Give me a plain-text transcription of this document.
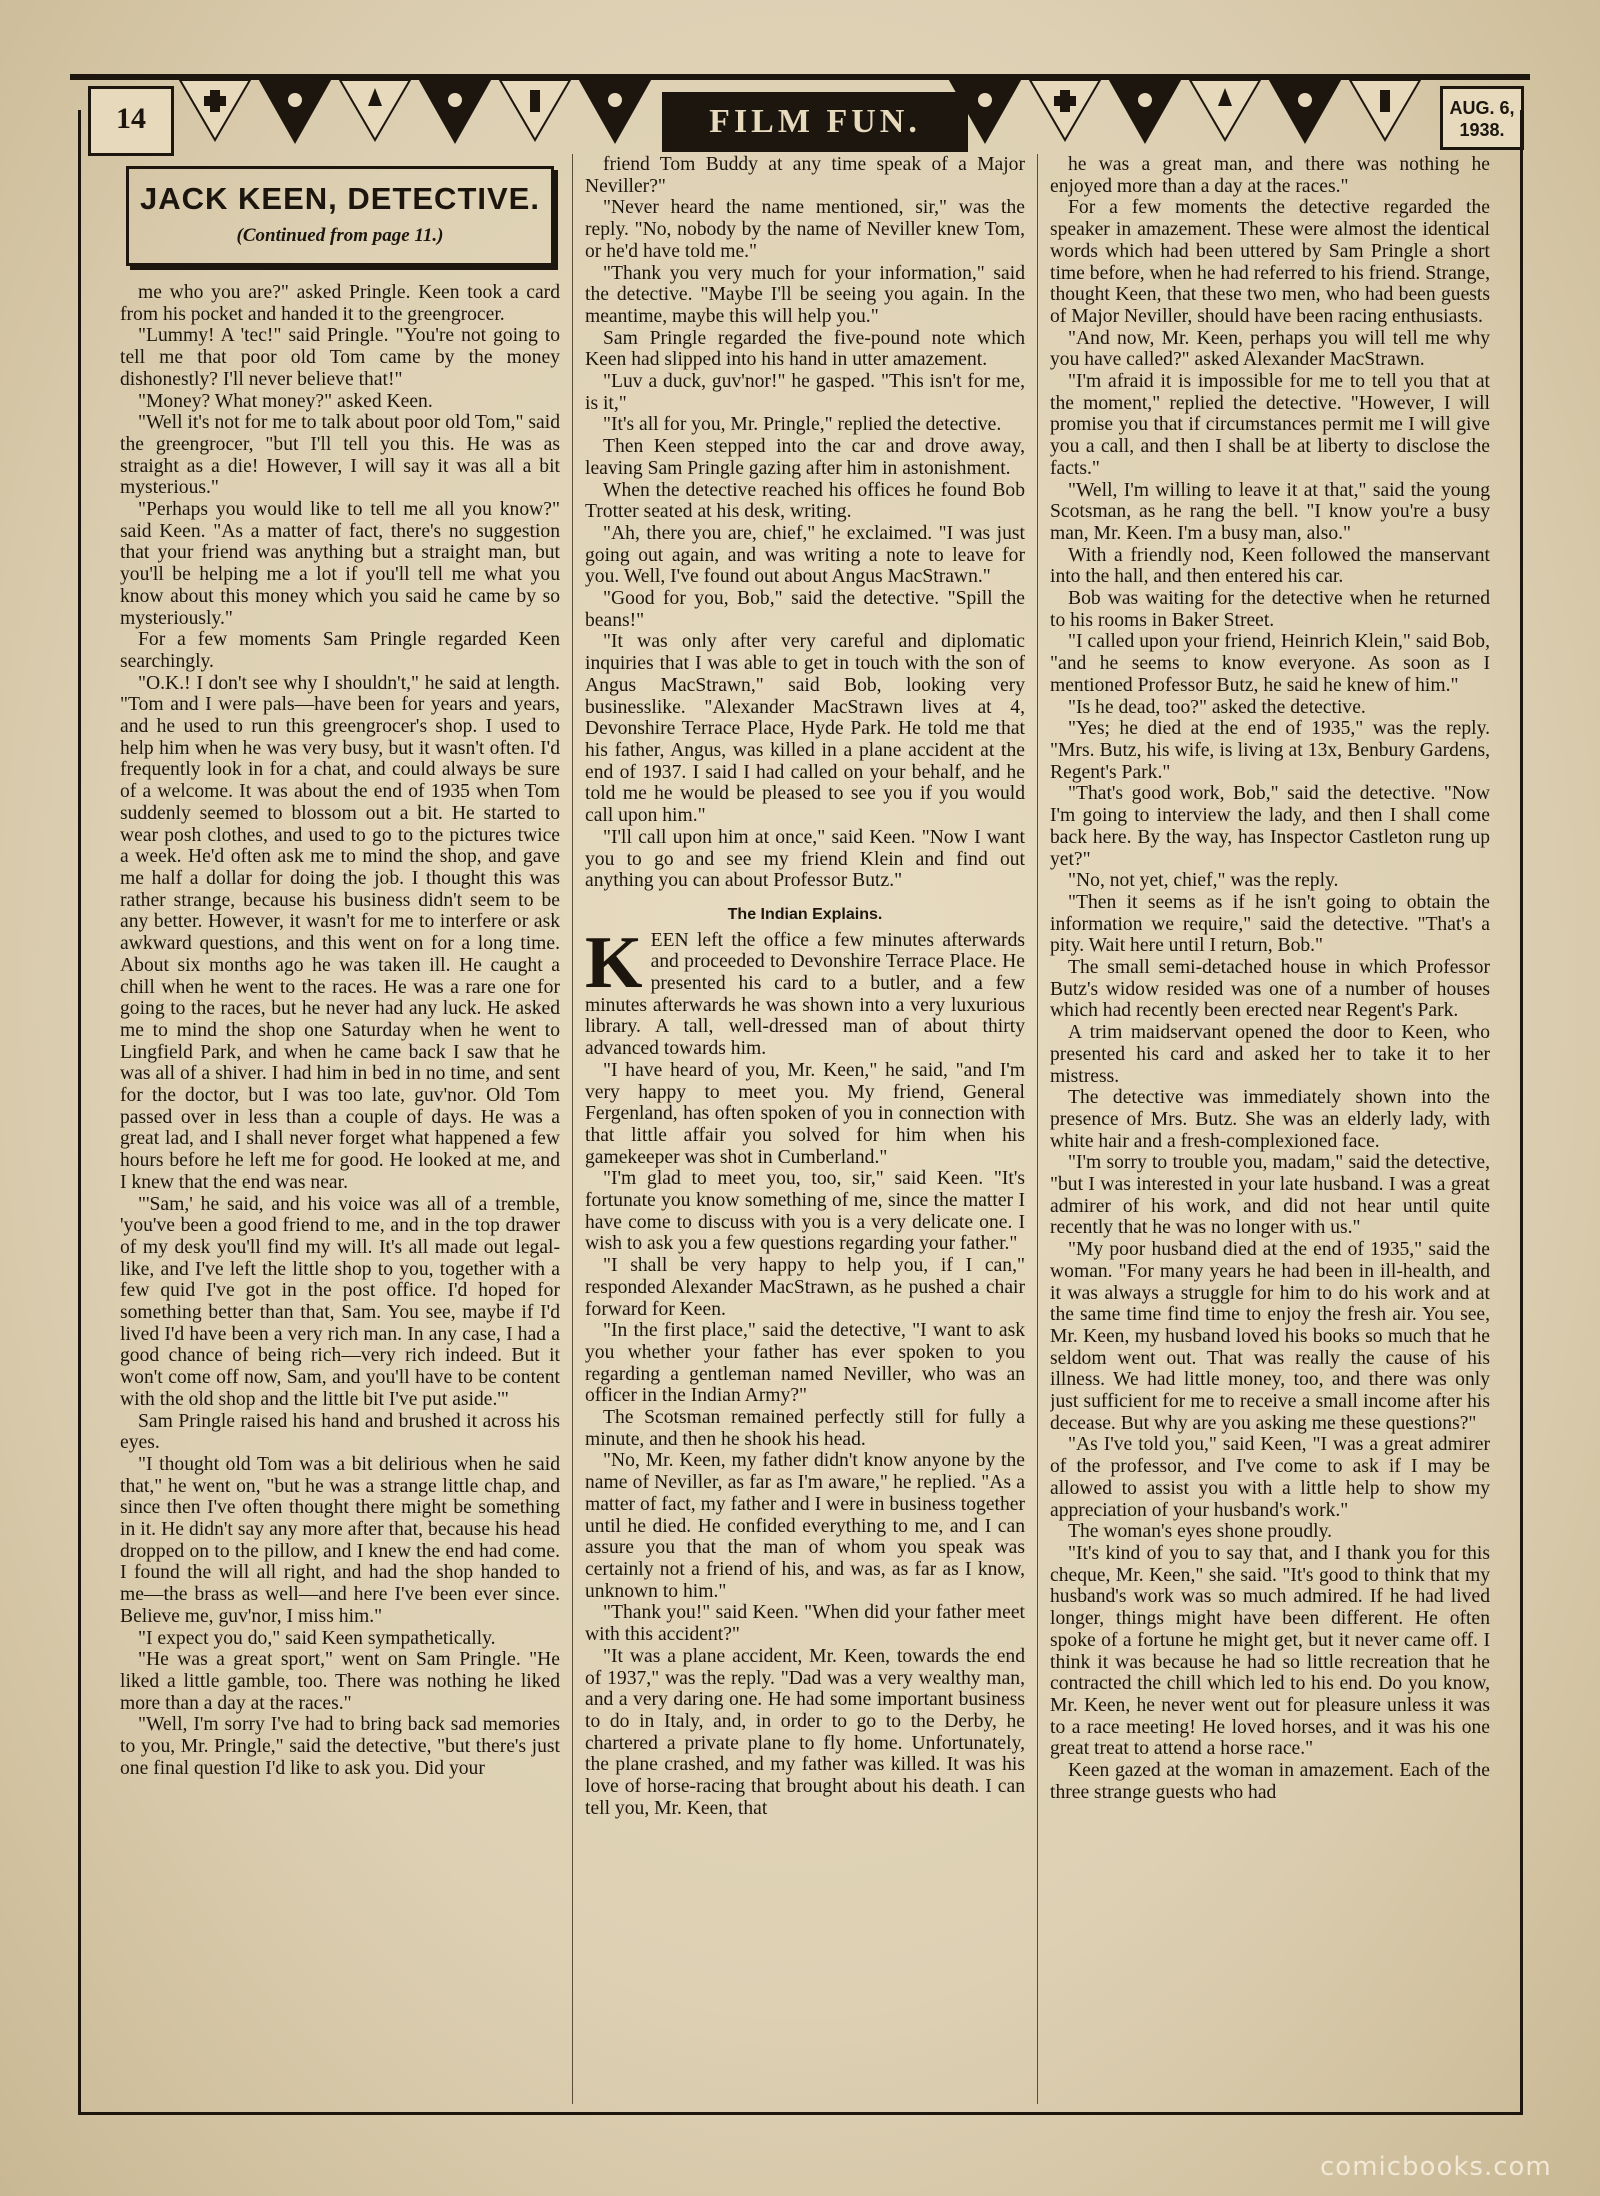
14	FILM FUN.	AUG. 6,
1938.
JACK KEEN, DETECTIVE.
(Continued from page 11.)

me who you are?" asked Pringle. Keen took a card from his pocket and handed it to the greengrocer.

"Lummy! A 'tec!" said Pringle. "You're not going to tell me that poor old Tom came by the money dishonestly? I'll never believe that!"

"Money? What money?" asked Keen.

"Well it's not for me to talk about poor old Tom," said the greengrocer, "but I'll tell you this. He was as straight as a die! However, I will say it was all a bit mysterious."

"Perhaps you would like to tell me all you know?" said Keen. "As a matter of fact, there's no suggestion that your friend was anything but a straight man, but you'll be helping me a lot if you'll tell me what you know about this money which you said he came by so mysteriously."

For a few moments Sam Pringle regarded Keen searchingly.

"O.K.! I don't see why I shouldn't," he said at length. "Tom and I were pals—have been for years and years, and he used to run this greengrocer's shop. I used to help him when he was very busy, but it wasn't often. I'd frequently look in for a chat, and could always be sure of a welcome. It was about the end of 1935 when Tom suddenly seemed to blossom out a bit. He started to wear posh clothes, and used to go to the pictures twice a week. He'd often ask me to mind the shop, and gave me half a dollar for doing the job. I thought this was rather strange, because his business didn't seem to be any better. However, it wasn't for me to interfere or ask awkward questions, and this went on for a long time. About six months ago he was taken ill. He caught a chill when he went to the races. He was a rare one for going to the races, but he never had any luck. He asked me to mind the shop one Saturday when he went to Lingfield Park, and when he came back I saw that he was all of a shiver. I had him in bed in no time, and sent for the doctor, but I was too late, guv'nor. Old Tom passed over in less than a couple of days. He was a great lad, and I shall never forget what happened a few hours before he left me for good. He looked at me, and I knew that the end was near.

"'Sam,' he said, and his voice was all of a tremble, 'you've been a good friend to me, and in the top drawer of my desk you'll find my will. It's all made out legal-like, and I've left the little shop to you, together with a few quid I've got in the post office. I'd hoped for something better than that, Sam. You see, maybe if I'd lived I'd have been a very rich man. In any case, I had a good chance of being rich—very rich indeed. But it won't come off now, Sam, and you'll have to be content with the old shop and the little bit I've put aside.'"

Sam Pringle raised his hand and brushed it across his eyes.

"I thought old Tom was a bit delirious when he said that," he went on, "but he was a strange little chap, and since then I've often thought there might be something in it. He didn't say any more after that, because his head dropped on to the pillow, and I knew the end had come. I found the will all right, and had the shop handed to me—the brass as well—and here I've been ever since. Believe me, guv'nor, I miss him."

"I expect you do," said Keen sympathetically.

"He was a great sport," went on Sam Pringle. "He liked a little gamble, too. There was nothing he liked more than a day at the races."

"Well, I'm sorry I've had to bring back sad memories to you, Mr. Pringle," said the detective, "but there's just one final question I'd like to ask you. Did your

friend Tom Buddy at any time speak of a Major Neviller?"

"Never heard the name mentioned, sir," was the reply. "No, nobody by the name of Neviller knew Tom, or he'd have told me."

"Thank you very much for your information," said the detective. "Maybe I'll be seeing you again. In the meantime, maybe this will help you."

Sam Pringle regarded the five-pound note which Keen had slipped into his hand in utter amazement.

"Luv a duck, guv'nor!" he gasped. "This isn't for me, is it,"

"It's all for you, Mr. Pringle," replied the detective.

Then Keen stepped into the car and drove away, leaving Sam Pringle gazing after him in astonishment.

When the detective reached his offices he found Bob Trotter seated at his desk, writing.

"Ah, there you are, chief," he exclaimed. "I was just going out again, and was writing a note to leave for you. Well, I've found out about Angus MacStrawn."

"Good for you, Bob," said the detective. "Spill the beans!"

"It was only after very careful and diplomatic inquiries that I was able to get in touch with the son of Angus MacStrawn," said Bob, looking very businesslike. "Alexander MacStrawn lives at 4, Devonshire Terrace Place, Hyde Park. He told me that his father, Angus, was killed in a plane accident at the end of 1937. I said I had called on your behalf, and he told me he would be pleased to see you if you would call upon him."

"I'll call upon him at once," said Keen. "Now I want you to go and see my friend Klein and find out anything you can about Professor Butz."

The Indian Explains.

KEEN left the office a few minutes afterwards and proceeded to Devonshire Terrace Place. He presented his card to a butler, and a few minutes afterwards he was shown into a very luxurious library. A tall, well-dressed man of about thirty advanced towards him.

"I have heard of you, Mr. Keen," he said, "and I'm very happy to meet you. My friend, General Fergenland, has often spoken of you in connection with that little affair you solved for him when his gamekeeper was shot in Cumberland."

"I'm glad to meet you, too, sir," said Keen. "It's fortunate you know something of me, since the matter I have come to discuss with you is a very delicate one. I wish to ask you a few questions regarding your father."

"I shall be very happy to help you, if I can," responded Alexander MacStrawn, as he pushed a chair forward for Keen.

"In the first place," said the detective, "I want to ask you whether your father has ever spoken to you regarding a gentleman named Neviller, who was an officer in the Indian Army?"

The Scotsman remained perfectly still for fully a minute, and then he shook his head.

"No, Mr. Keen, my father didn't know anyone by the name of Neviller, as far as I'm aware," he replied. "As a matter of fact, my father and I were in business together until he died. He confided everything to me, and I can assure you that the man of whom you speak was certainly not a friend of his, and was, as far as I know, unknown to him."

"Thank you!" said Keen. "When did your father meet with this accident?"

"It was a plane accident, Mr. Keen, towards the end of 1937," was the reply. "Dad was a very wealthy man, and a very daring one. He had some important business to do in Italy, and, in order to go to the Derby, he chartered a private plane to fly home. Unfortunately, the plane crashed, and my father was killed. It was his love of horse-racing that brought about his death. I can tell you, Mr. Keen, that

he was a great man, and there was nothing he enjoyed more than a day at the races."

For a few moments the detective regarded the speaker in amazement. These were almost the identical words which had been uttered by Sam Pringle a short time before, when he had referred to his friend. Strange, thought Keen, that these two men, who had been guests of Major Neviller, should have been racing enthusiasts.

"And now, Mr. Keen, perhaps you will tell me why you have called?" asked Alexander MacStrawn.

"I'm afraid it is impossible for me to tell you that at the moment," replied the detective. "However, I will promise you that if circumstances permit me I will give you a call, and then I shall be at liberty to disclose the facts."

"Well, I'm willing to leave it at that," said the young Scotsman, as he rang the bell. "I know you're a busy man, Mr. Keen. I'm a busy man, also."

With a friendly nod, Keen followed the manservant into the hall, and then entered his car.

Bob was waiting for the detective when he returned to his rooms in Baker Street.

"I called upon your friend, Heinrich Klein," said Bob, "and he seems to know everyone. As soon as I mentioned Professor Butz, he said he knew of him."

"Is he dead, too?" asked the detective.

"Yes; he died at the end of 1935," was the reply. "Mrs. Butz, his wife, is living at 13x, Benbury Gardens, Regent's Park."

"That's good work, Bob," said the detective. "Now I'm going to interview the lady, and then I shall come back here. By the way, has Inspector Castleton rung up yet?"

"No, not yet, chief," was the reply.

"Then it seems as if he isn't going to obtain the information we require," said the detective. "That's a pity. Wait here until I return, Bob."

The small semi-detached house in which Professor Butz's widow resided was one of a number of houses which had recently been erected near Regent's Park.

A trim maidservant opened the door to Keen, who presented his card and asked her to take it to her mistress.

The detective was immediately shown into the presence of Mrs. Butz. She was an elderly lady, with white hair and a fresh-complexioned face.

"I'm sorry to trouble you, madam," said the detective, "but I was interested in your late husband. I was a great admirer of his work, and did not hear until quite recently that he was no longer with us."

"My poor husband died at the end of 1935," said the woman. "For many years he had been in ill-health, and it was always a struggle for him to do his work and at the same time find time to enjoy the fresh air. You see, Mr. Keen, my husband loved his books so much that he seldom went out. That was really the cause of his illness. We had little money, too, and there was only just sufficient for me to receive a small income after his decease. But why are you asking me these questions?"

"As I've told you," said Keen, "I was a great admirer of the professor, and I've come to ask if I may be allowed to assist you with a little help to show my appreciation of your husband's work."

The woman's eyes shone proudly.

"It's kind of you to say that, and I thank you for this cheque, Mr. Keen," she said. "It's good to think that my husband's work was so much admired. If he had lived longer, things might have been different. He often spoke of a fortune he might get, but it never came off. I think it was because he had so little recreation that he contracted the chill which led to his end. Do you know, Mr. Keen, he never went out for pleasure unless it was to a race meeting! He loved horses, and it was his one great treat to attend a horse race."

Keen gazed at the woman in amazement. Each of the three strange guests who had

comicbooks.com
